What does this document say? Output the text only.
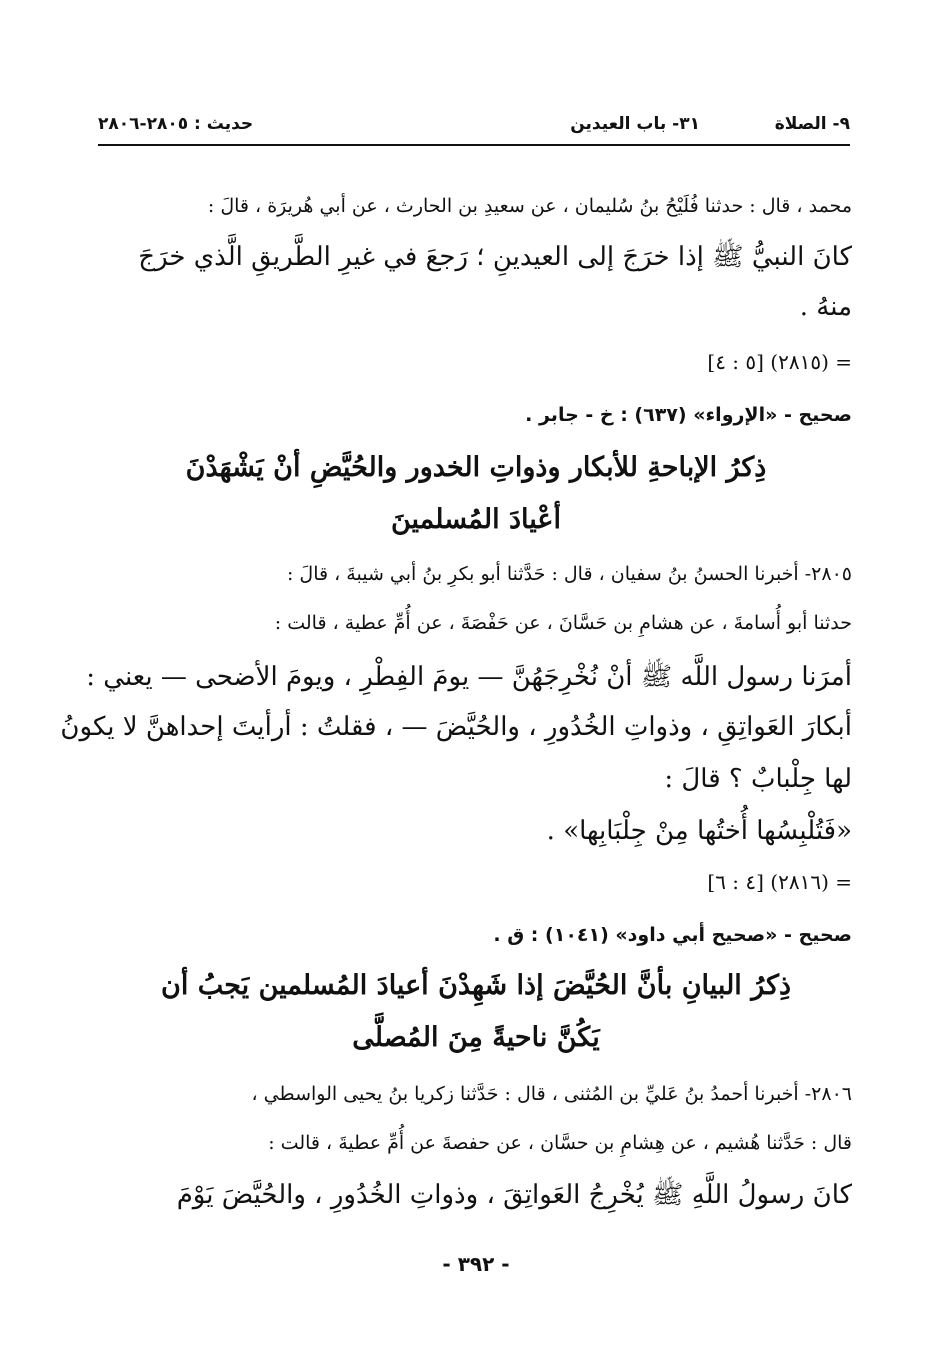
٩- الصلاة
٣١- باب العيدين
حديث : ٢٨٠٥-٢٨٠٦
محمد ، قال : حدثنا فُلَيْحُ بنُ سُليمان ، عن سعيدِ بن الحارث ، عن أبي هُريرَة ، قالَ :
كانَ النبيُّ ﷺ إذا خرَجَ إلى العيدينِ ؛ رَجعَ في غيرِ الطَّريقِ الَّذي خرَجَ
منهُ .
= (٢٨١٥) [٥ : ٤]
صحيح - «الإرواء» (٦٣٧) : خ - جابر .
ذِكرُ الإباحةِ للأبكار وذواتِ الخدور والحُيَّضِ أنْ يَشْهَدْنَ
أعْيادَ المُسلمينَ
٢٨٠٥- أخبرنا الحسنُ بنُ سفيان ، قال : حَدَّثنا أبو بكرِ بنُ أبي شيبةَ ، قالَ :
حدثنا أبو أُسامةَ ، عن هشامِ بن حَسَّانَ ، عن حَفْصَةَ ، عن أُمِّ عطية ، قالت :
أمرَنا رسول اللَّه ﷺ أنْ نُخْرِجَهُنَّ — يومَ الفِطْرِ ، ويومَ الأضحى — يعني :
أبكارَ العَواتِقِ ، وذواتِ الخُدُورِ ، والحُيَّضَ — ، فقلتُ : أرأيتَ إحداهنَّ لا يكونُ
لها جِلْبابٌ ؟ قالَ :
«فَتُلْبِسُها أُختُها مِنْ جِلْبَابِها» .
= (٢٨١٦) [٤ : ٦]
صحيح - «صحيح أبي داود» (١٠٤١) : ق .
ذِكرُ البيانِ بأنَّ الحُيَّضَ إذا شَهِدْنَ أعيادَ المُسلمين يَجبُ أن
يَكُنَّ ناحيةً مِنَ المُصلَّى
٢٨٠٦- أخبرنا أحمدُ بنُ عَليِّ بن المُثنى ، قال : حَدَّثنا زكريا بنُ يحيى الواسطي ،
قال : حَدَّثنا هُشيم ، عن هِشامِ بن حسَّان ، عن حفصةَ عن أُمِّ عطيةَ ، قالت :
كانَ رسولُ اللَّهِ ﷺ يُخْرِجُ العَواتِقَ ، وذواتِ الخُدُورِ ، والحُيَّضَ يَوْمَ
- ٣٩٢ -
